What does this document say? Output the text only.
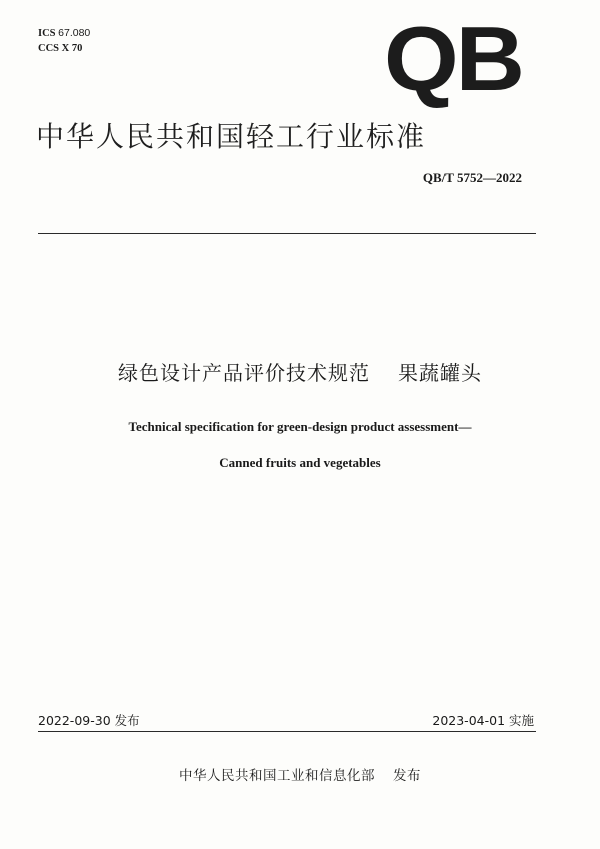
ICS 67.080
CCS X 70	QB
中华人民共和国轻工行业标准
QB/T 5752—2022
绿色设计产品评价技术规范 果蔬罐头
Technical specification for green-design product assessment—
Canned fruits and vegetables
2022-09-30 发布	2023-04-01 实施
中华人民共和国工业和信息化部 发布
